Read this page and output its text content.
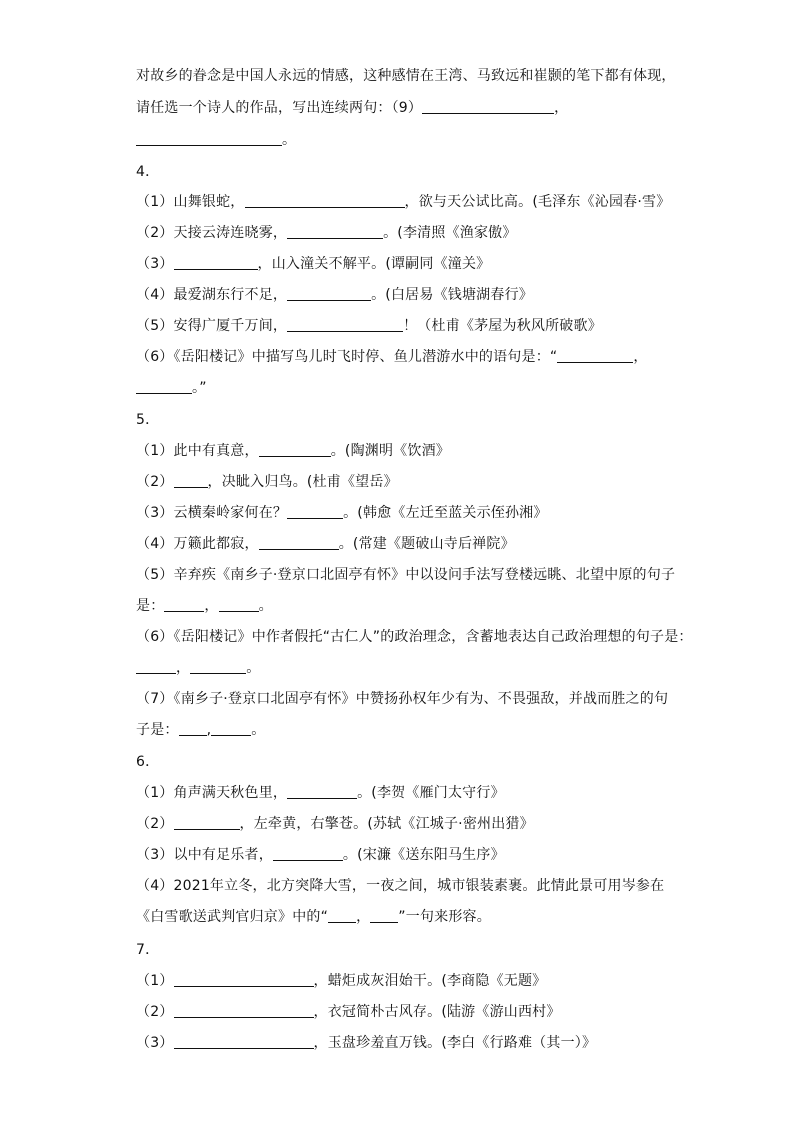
对故乡的眷念是中国人永远的情感，这种感情在王湾、马致远和崔颢的笔下都有体现，
请任选一个诗人的作品，写出连续两句：（9）	，
。
4．
（1）山舞银蛇，	，欲与天公试比高。(毛泽东《沁园春·雪》
（2）天接云涛连晓雾，	。(李清照《渔家傲》
（3）	，山入潼关不解平。(谭嗣同《潼关》
（4）最爱湖东行不足，	。(白居易《钱塘湖春行》
（5）安得广厦千万间，	！（杜甫《茅屋为秋风所破歌》
（6）《岳阳楼记》中描写鸟儿时飞时停、鱼儿潜游水中的语句是：“	，
。”
5．
（1）此中有真意，	。(陶渊明《饮酒》
（2） ，决眦入归鸟。(杜甫《望岳》
（3）云横秦岭家何在？	。(韩愈《左迁至蓝关示侄孙湘》
（4）万籁此都寂，	。(常建《题破山寺后禅院》
（5）辛弃疾《南乡子·登京口北固亭有怀》中以设问手法写登楼远眺、北望中原的句子
是：	，	。
（6）《岳阳楼记》中作者假托“古仁人”的政治理念，含蓄地表达自己政治理想的句子是：
，	。
（7）《南乡子·登京口北固亭有怀》中赞扬孙权年少有为、不畏强敌，并战而胜之的句
子是： ,	。
6．
（1）角声满天秋色里，	。(李贺《雁门太守行》
（2）	，左牵黄，右擎苍。(苏轼《江城子·密州出猎》
（3）以中有足乐者，	。(宋濂《送东阳马生序》
（4）2021年立冬，北方突降大雪，一夜之间，城市银装素裹。此情此景可用岑参在
《白雪歌送武判官归京》中的“ ， ”一句来形容。
7．
（1）	，蜡炬成灰泪始干。(李商隐《无题》
（2）	，衣冠简朴古风存。(陆游《游山西村》
（3）	，玉盘珍羞直万钱。(李白《行路难（其一）》
